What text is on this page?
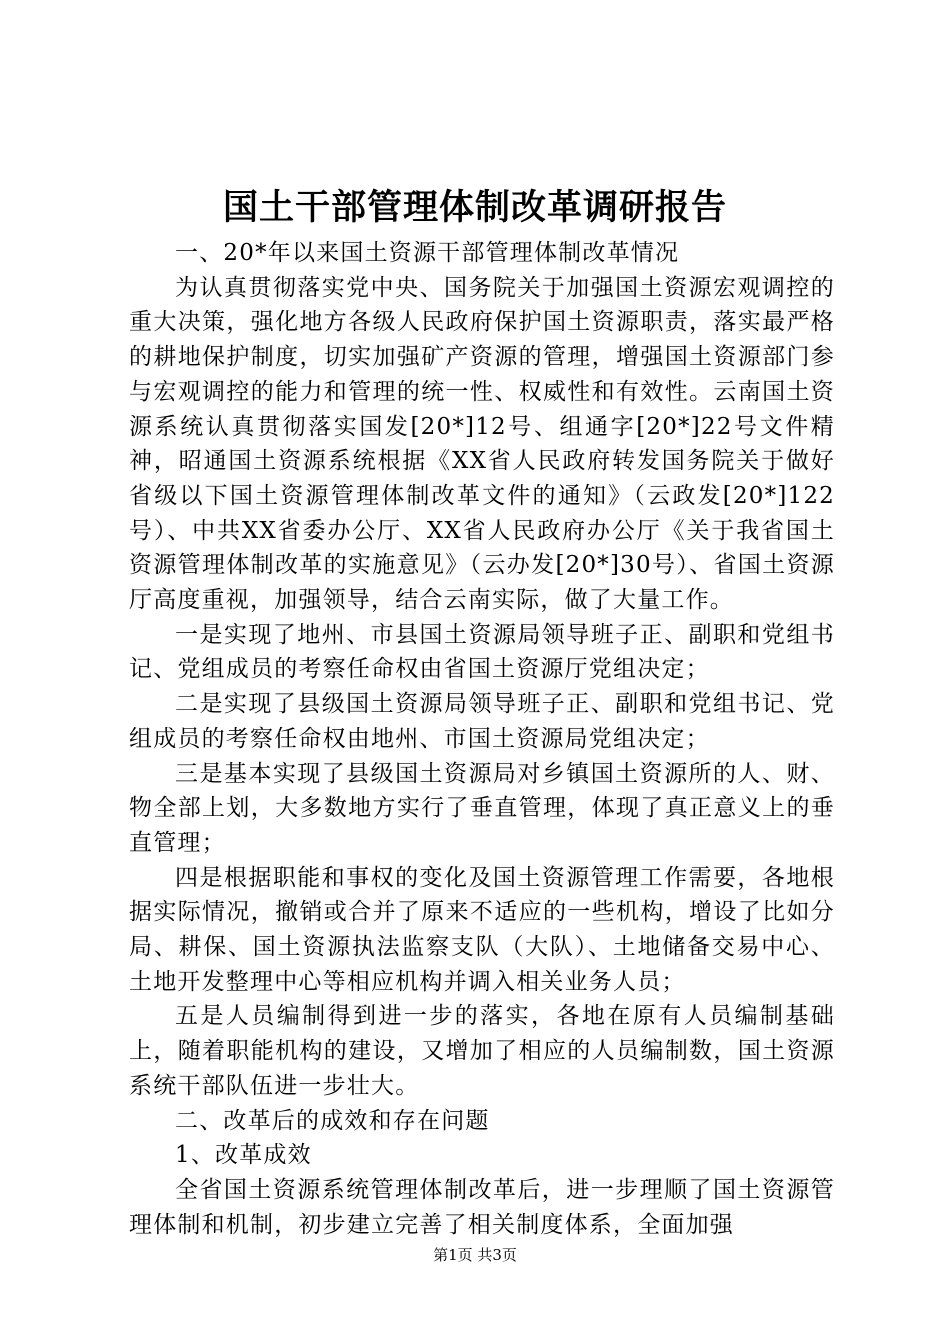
国土干部管理体制改革调研报告

一、20*年以来国土资源干部管理体制改革情况

为认真贯彻落实党中央、国务院关于加强国土资源宏观调控的重大决策，强化地方各级人民政府保护国土资源职责，落实最严格的耕地保护制度，切实加强矿产资源的管理，增强国土资源部门参与宏观调控的能力和管理的统一性、权威性和有效性。云南国土资源系统认真贯彻落实国发[20*]12号、组通字[20*]22号文件精神，昭通国土资源系统根据《XX省人民政府转发国务院关于做好省级以下国土资源管理体制改革文件的通知》（云政发[20*]122号）、中共XX省委办公厅、XX省人民政府办公厅《关于我省国土资源管理体制改革的实施意见》（云办发[20*]30号）、省国土资源厅高度重视，加强领导，结合云南实际，做了大量工作。

一是实现了地州、市县国土资源局领导班子正、副职和党组书记、党组成员的考察任命权由省国土资源厅党组决定；

二是实现了县级国土资源局领导班子正、副职和党组书记、党组成员的考察任命权由地州、市国土资源局党组决定；

三是基本实现了县级国土资源局对乡镇国土资源所的人、财、物全部上划，大多数地方实行了垂直管理，体现了真正意义上的垂直管理；

四是根据职能和事权的变化及国土资源管理工作需要，各地根据实际情况，撤销或合并了原来不适应的一些机构，增设了比如分局、耕保、国土资源执法监察支队（大队）、土地储备交易中心、土地开发整理中心等相应机构并调入相关业务人员；

五是人员编制得到进一步的落实，各地在原有人员编制基础上，随着职能机构的建设，又增加了相应的人员编制数，国土资源系统干部队伍进一步壮大。

二、改革后的成效和存在问题

1、改革成效

全省国土资源系统管理体制改革后，进一步理顺了国土资源管理体制和机制，初步建立完善了相关制度体系，全面加强

第1页 共3页
